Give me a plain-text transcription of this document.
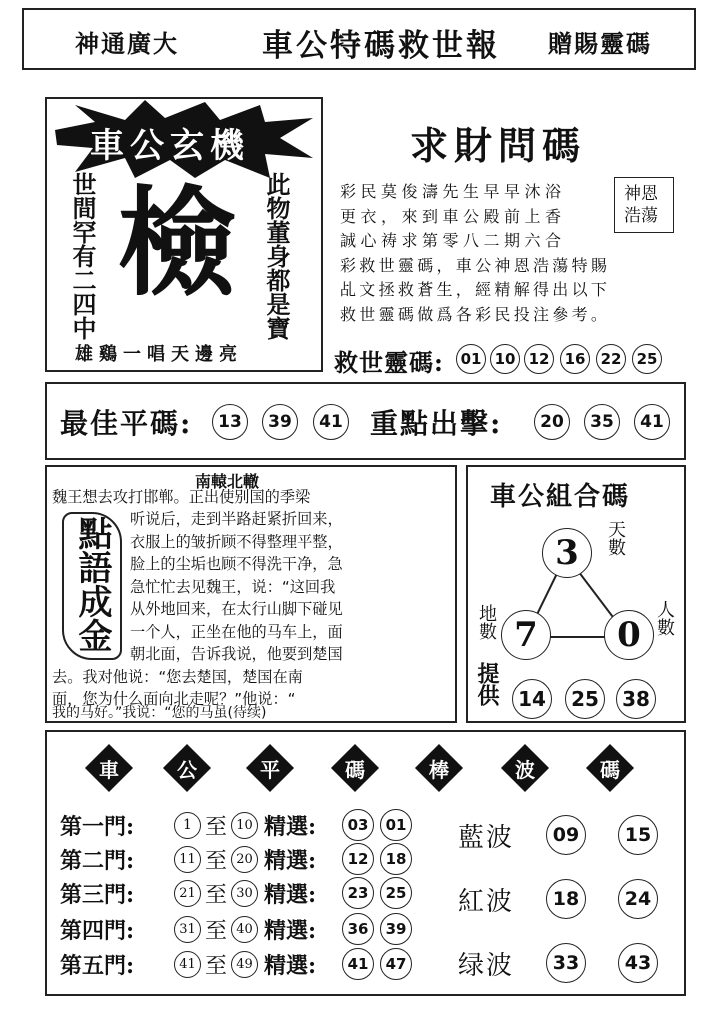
神通廣大	車公特碼救世報 贈賜靈碼
車公玄機
世間罕有二四中 檢 此物董身都是寶
雄鷄一唱天邊亮
求財問碼
神恩浩蕩
彩民莫俊濤先生早早沐浴
更衣，來到車公殿前上香
誠心祷求第零八二期六合
彩救世靈碼，車公神恩浩蕩特賜
乩文拯救蒼生，經精解得出以下
救世靈碼做爲各彩民投注參考。
救世靈碼:	01 10 12	16	22	25
最佳平碼:	13	39	41 重點出擊:	20	35	41
南轅北轍
點語成金
魏王想去攻打邯郸。正出使别国的季梁
听说后，走到半路赶紧折回来，
衣服上的皱折顾不得整理平整，
脸上的尘垢也顾不得洗干净，急
急忙忙去见魏王，说：“这回我
从外地回来，在太行山脚下碰见
一个人，正坐在他的马车上，面
朝北面，告诉我说，他要到楚国
去。我对他说：“您去楚国，楚国在南
面，您为什么面向北走呢？”他说：“
我的马好。”我说：“您的马虽(待续)
車公組合碼
3
7	0
天數
地數	人數
提供 14	25	38
車	公	平	碼	棒	波	碼
第一門:	1 至 10 精選:	03	01
第二門:	11 至 20 精選:	12	18
第三門:	21 至 30 精選:	23	25
第四門:	31 至 40 精選:	36	39
第五門:	41 至 49 精選:	41	47
藍波	09	15
紅波	18	24
绿波	33	43
